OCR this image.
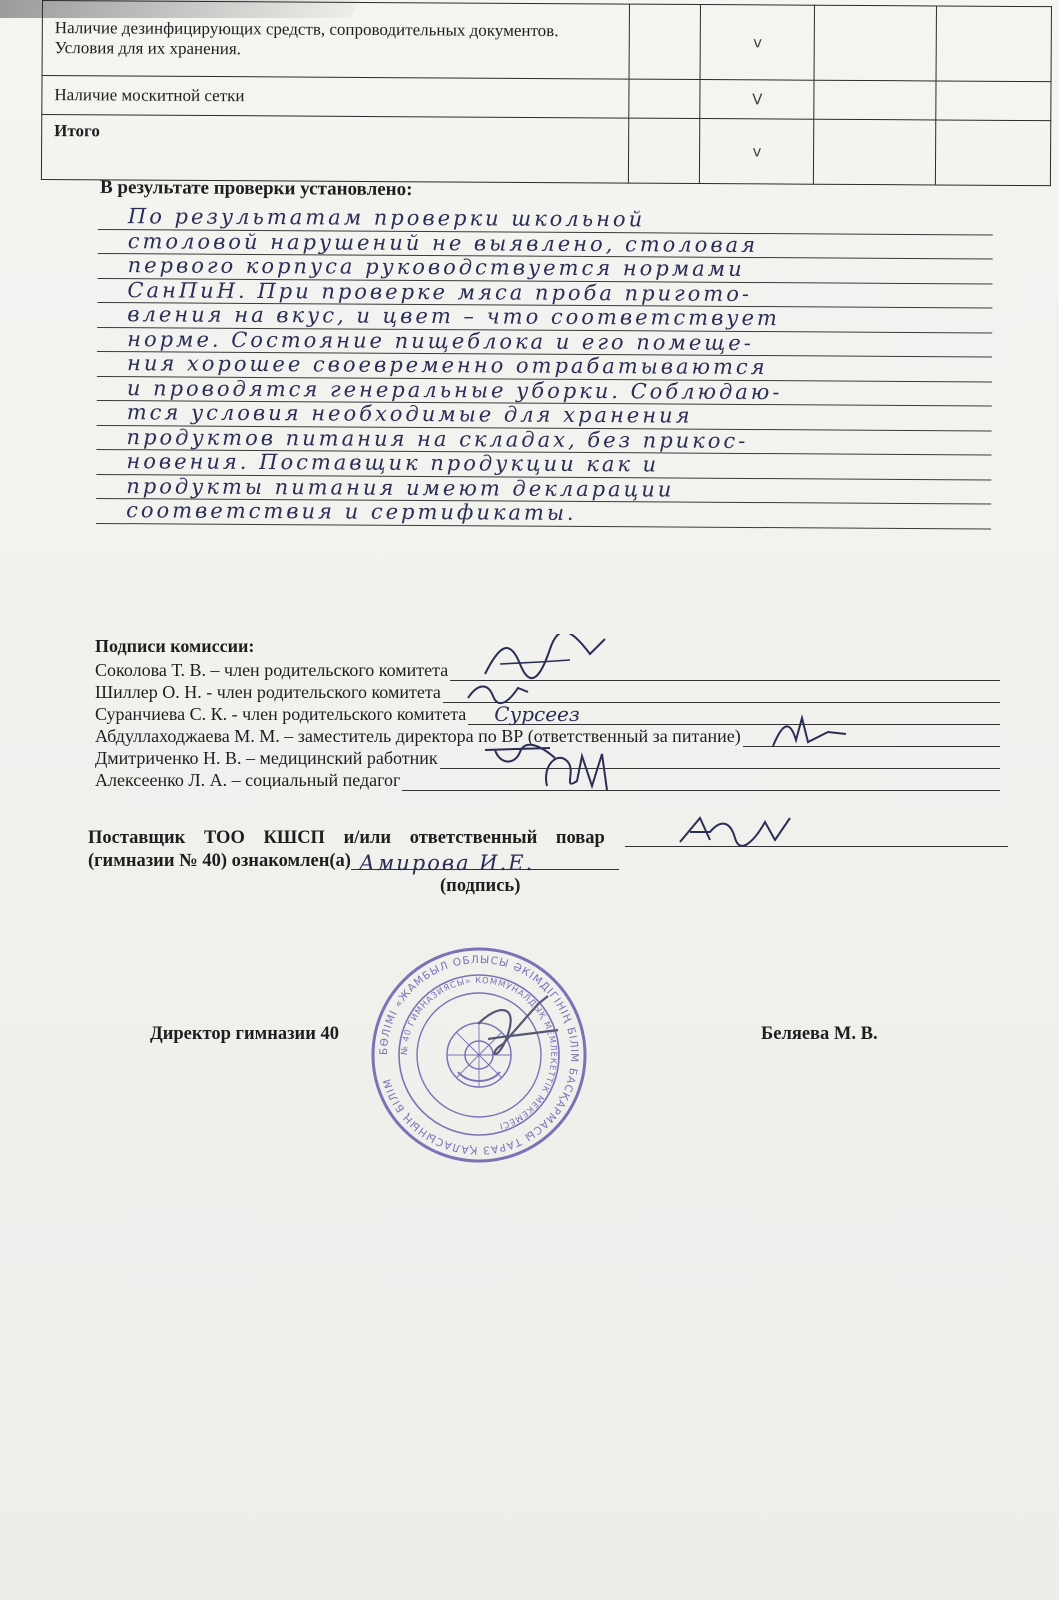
Наличие дезинфицирующих средств, сопроводительных документов. Условия для их хранения.		v		
Наличие москитной сетки		V		
Итого		v		
В результате проверки установлено:
По результатам проверки школьной
столовой нарушений не выявлено, столовая
первого корпуса руководствуется нормами
СанПиН. При проверке мяса проба пригото-
вления на вкус, и цвет – что соответствует
норме. Состояние пищеблока и его помеще-
ния хорошее своевременно отрабатываются
и проводятся генеральные уборки. Соблюдаю-
тся условия необходимые для хранения
продуктов питания на складах, без прикос-
новения. Поставщик продукции как и
продукты питания имеют декларации
соответствия и сертификаты.
Подписи комиссии:
Соколова Т. В. – член родительского комитета
Шиллер О. Н. - член родительского комитета
Суранчиева С. К. - член родительского комитета Сурсеез
Абдуллаходжаева М. М. – заместитель директора по ВР (ответственный за питание)
Дмитриченко Н. В. – медицинский работник
Алексеенко Л. А. – социальный педагог
Поставщик ТОО КШСП и/или ответственный повар
(гимназии № 40) ознакомлен(а) Амирова И.Е.
(подпись)
Директор гимназии 40	Беляева М. В.
БӨЛІМІ «ЖАМБЫЛ ОБЛЫСЫ ӘКІМДІГІНІҢ БІЛІМ БАСҚАРМАСЫ ТАРАЗ ҚАЛАСЫНЫҢ БІЛІМ
№ 40 ГИМНАЗИЯСЫ» КОММУНАЛДЫҚ МЕМЛЕКЕТТІК МЕКЕМЕСІ
